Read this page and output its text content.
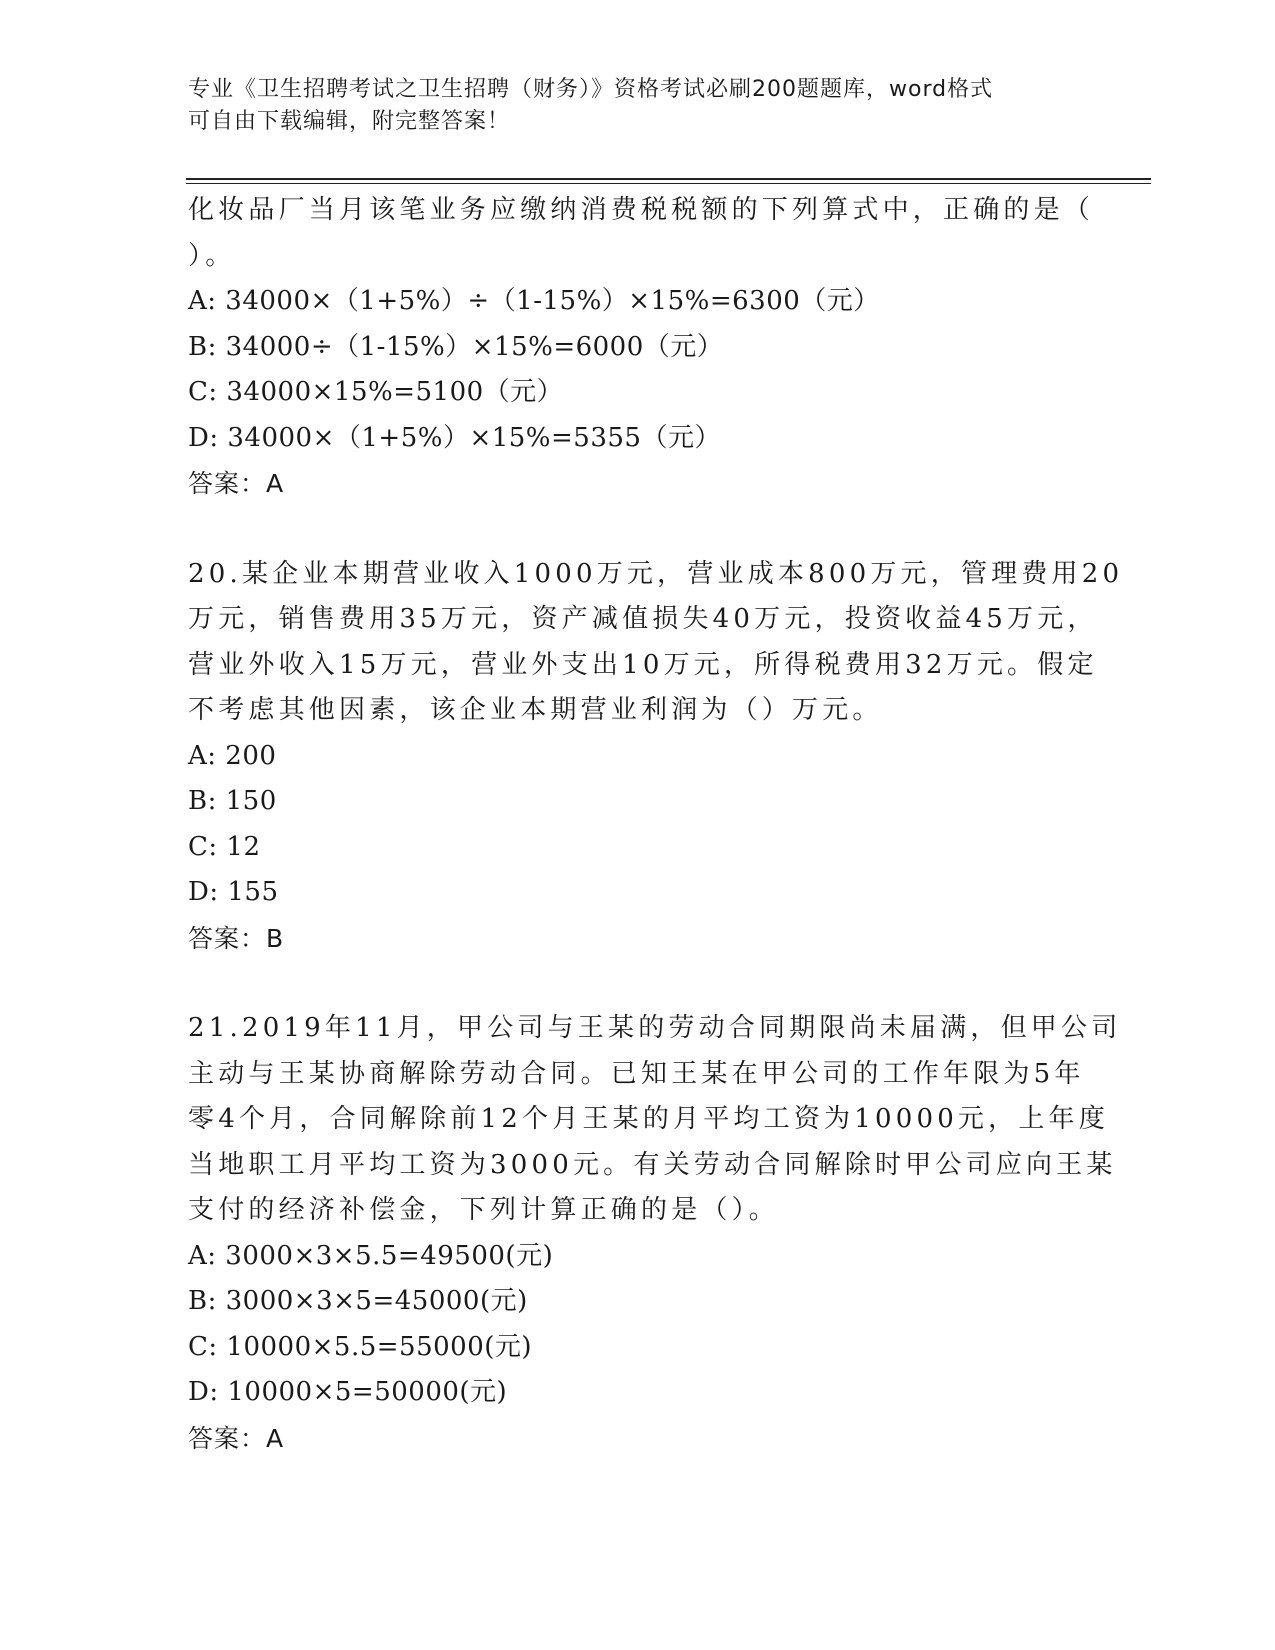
专业《卫生招聘考试之卫生招聘（财务）》资格考试必刷200题题库，word格式
可自由下载编辑，附完整答案！
化妆品厂当月该笔业务应缴纳消费税税额的下列算式中，正确的是（
）。
A: 34000×（1+5%）÷（1-15%）×15%=6300（元）
B: 34000÷（1-15%）×15%=6000（元）
C: 34000×15%=5100（元）
D: 34000×（1+5%）×15%=5355（元）
答案：A
20.某企业本期营业收入1000万元，营业成本800万元，管理费用20
万元，销售费用35万元，资产减值损失40万元，投资收益45万元，
营业外收入15万元，营业外支出10万元，所得税费用32万元。假定
不考虑其他因素，该企业本期营业利润为（）万元。
A: 200
B: 150
C: 12
D: 155
答案：B
21.2019年11月，甲公司与王某的劳动合同期限尚未届满，但甲公司
主动与王某协商解除劳动合同。已知王某在甲公司的工作年限为5年
零4个月，合同解除前12个月王某的月平均工资为10000元，上年度
当地职工月平均工资为3000元。有关劳动合同解除时甲公司应向王某
支付的经济补偿金，下列计算正确的是（）。
A: 3000×3×5.5=49500(元)
B: 3000×3×5=45000(元)
C: 10000×5.5=55000(元)
D: 10000×5=50000(元)
答案：A
